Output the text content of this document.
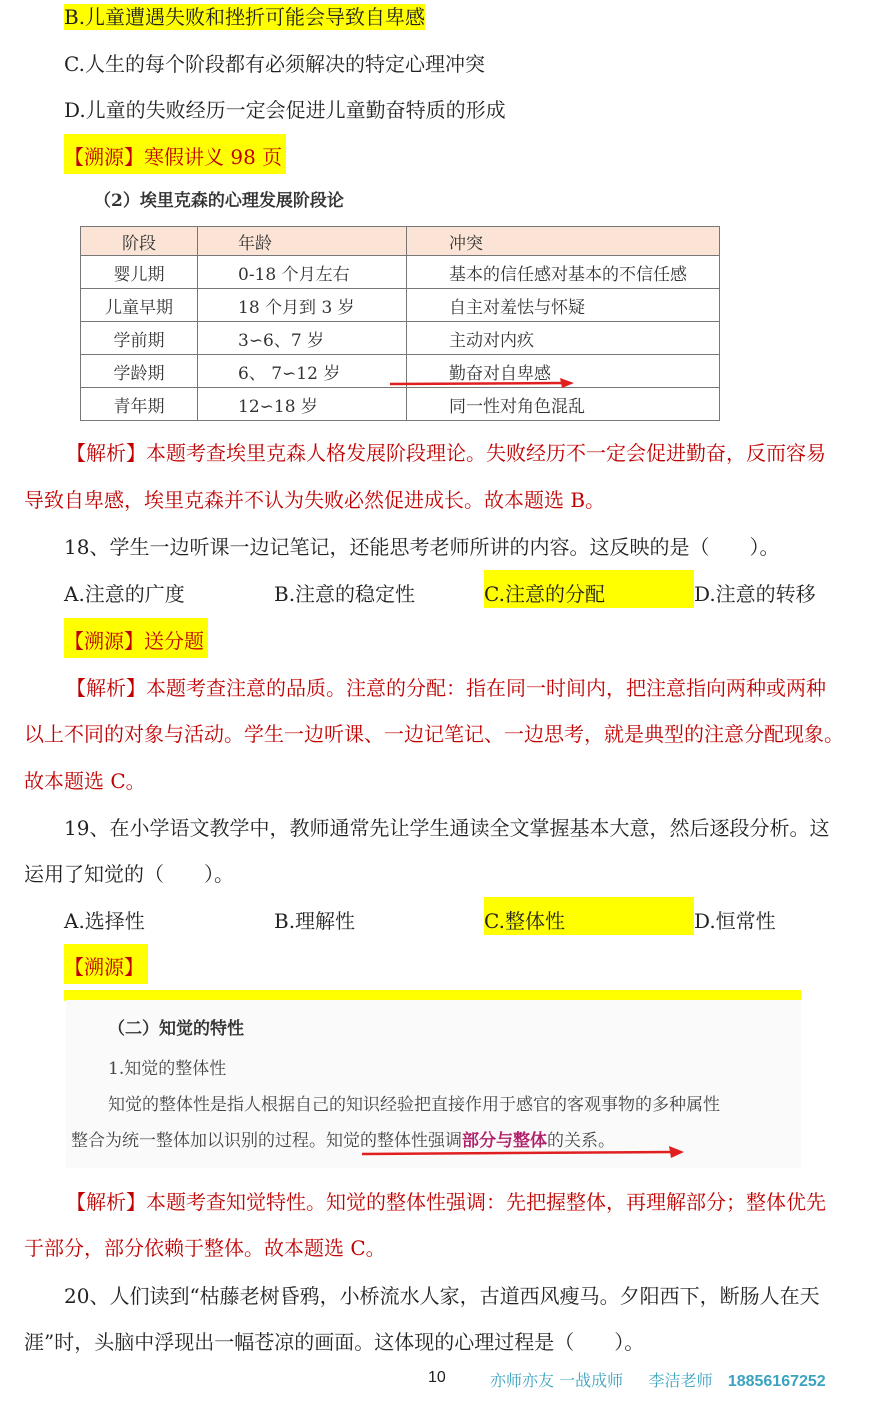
B.儿童遭遇失败和挫折可能会导致自卑感
C.人生的每个阶段都有必须解决的特定心理冲突
D.儿童的失败经历一定会促进儿童勤奋特质的形成
【溯源】寒假讲义 98 页
（2）埃里克森的心理发展阶段论
阶段	年龄	冲突
婴儿期	0-18 个月左右	基本的信任感对基本的不信任感
儿童早期	18 个月到 3 岁	自主对羞怯与怀疑
学前期	3∽6、7 岁	主动对内疚
学龄期	6、 7∽12 岁	勤奋对自卑感
青年期	12∽18 岁	同一性对角色混乱
【解析】本题考查埃里克森人格发展阶段理论。失败经历不一定会促进勤奋，反而容易
导致自卑感，埃里克森并不认为失败必然促进成长。故本题选 B。
18、学生一边听课一边记笔记，还能思考老师所讲的内容。这反映的是（　　）。
A.注意的广度	B.注意的稳定性	C.注意的分配	D.注意的转移
【溯源】送分题
【解析】本题考查注意的品质。注意的分配：指在同一时间内，把注意指向两种或两种
以上不同的对象与活动。学生一边听课、一边记笔记、一边思考，就是典型的注意分配现象。
故本题选 C。
19、在小学语文教学中，教师通常先让学生通读全文掌握基本大意，然后逐段分析。这
运用了知觉的（　　）。
A.选择性	B.理解性	C.整体性	D.恒常性
【溯源】
（二）知觉的特性
1.知觉的整体性
知觉的整体性是指人根据自己的知识经验把直接作用于感官的客观事物的多种属性
整合为统一整体加以识别的过程。知觉的整体性强调部分与整体的关系。
【解析】本题考查知觉特性。知觉的整体性强调：先把握整体，再理解部分；整体优先
于部分，部分依赖于整体。故本题选 C。
20、人们读到“枯藤老树昏鸦，小桥流水人家，古道西风瘦马。夕阳西下，断肠人在天
涯”时，头脑中浮现出一幅苍凉的画面。这体现的心理过程是（　　）。
10	亦师亦友 一战成师 李洁老师 18856167252
